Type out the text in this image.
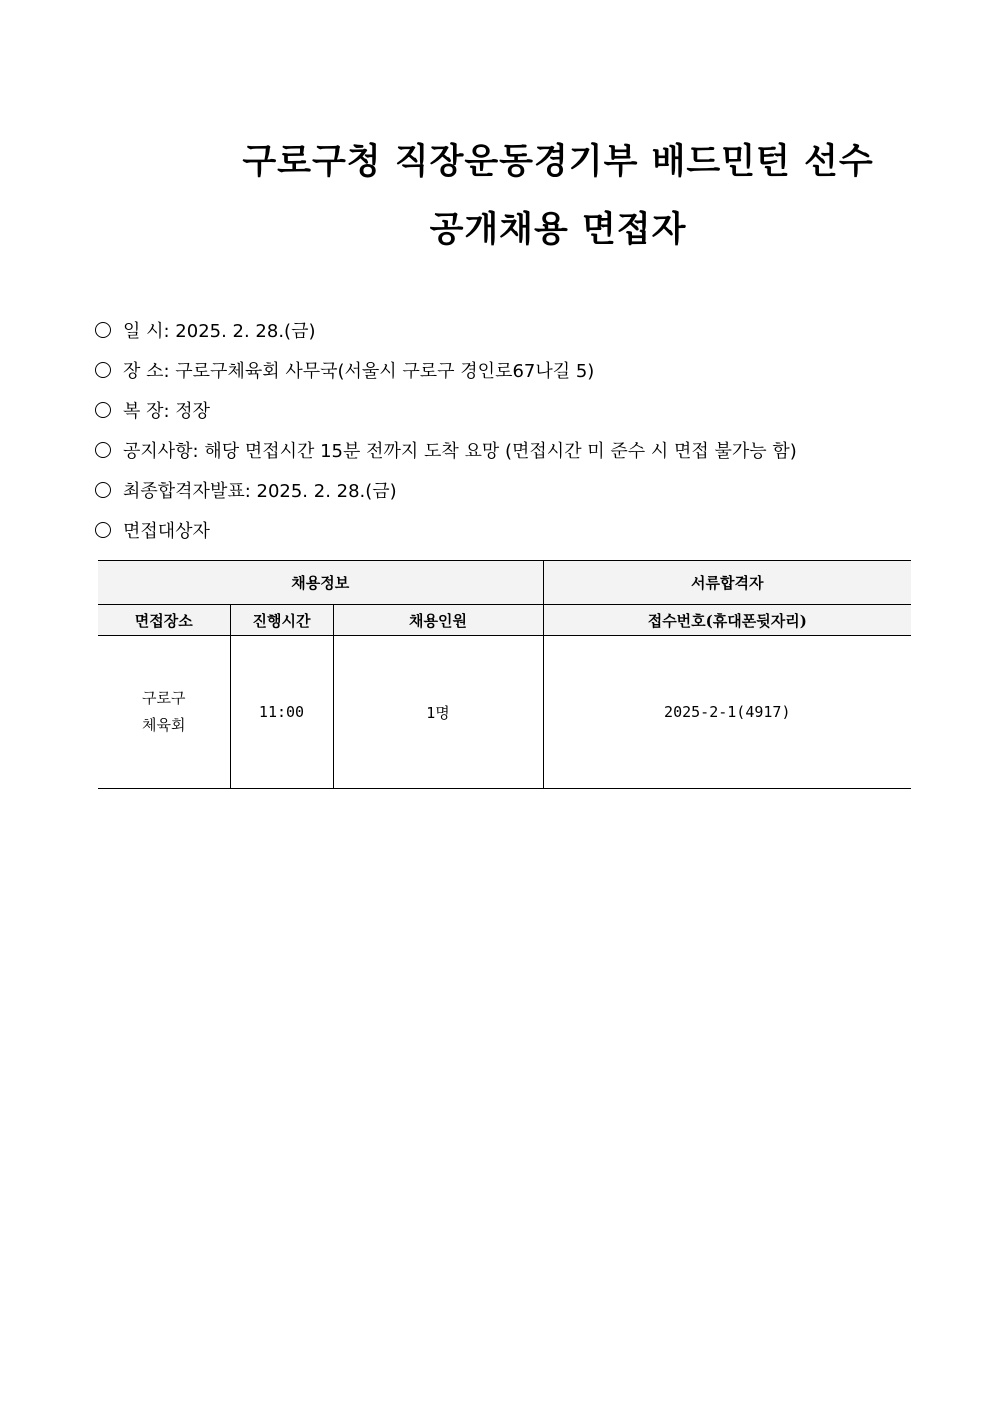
구로구청 직장운동경기부 배드민턴 선수
공개채용 면접자
일 시: 2025. 2. 28.(금)
장 소: 구로구체육회 사무국(서울시 구로구 경인로67나길 5)
복 장: 정장
공지사항: 해당 면접시간 15분 전까지 도착 요망 (면접시간 미 준수 시 면접 불가능 함)
최종합격자발표: 2025. 2. 28.(금)
면접대상자
채용정보			서류합격자
면접장소	진행시간	채용인원	접수번호(휴대폰뒷자리)

구로구
체육회	11:00	1명	2025-2-1(4917)
